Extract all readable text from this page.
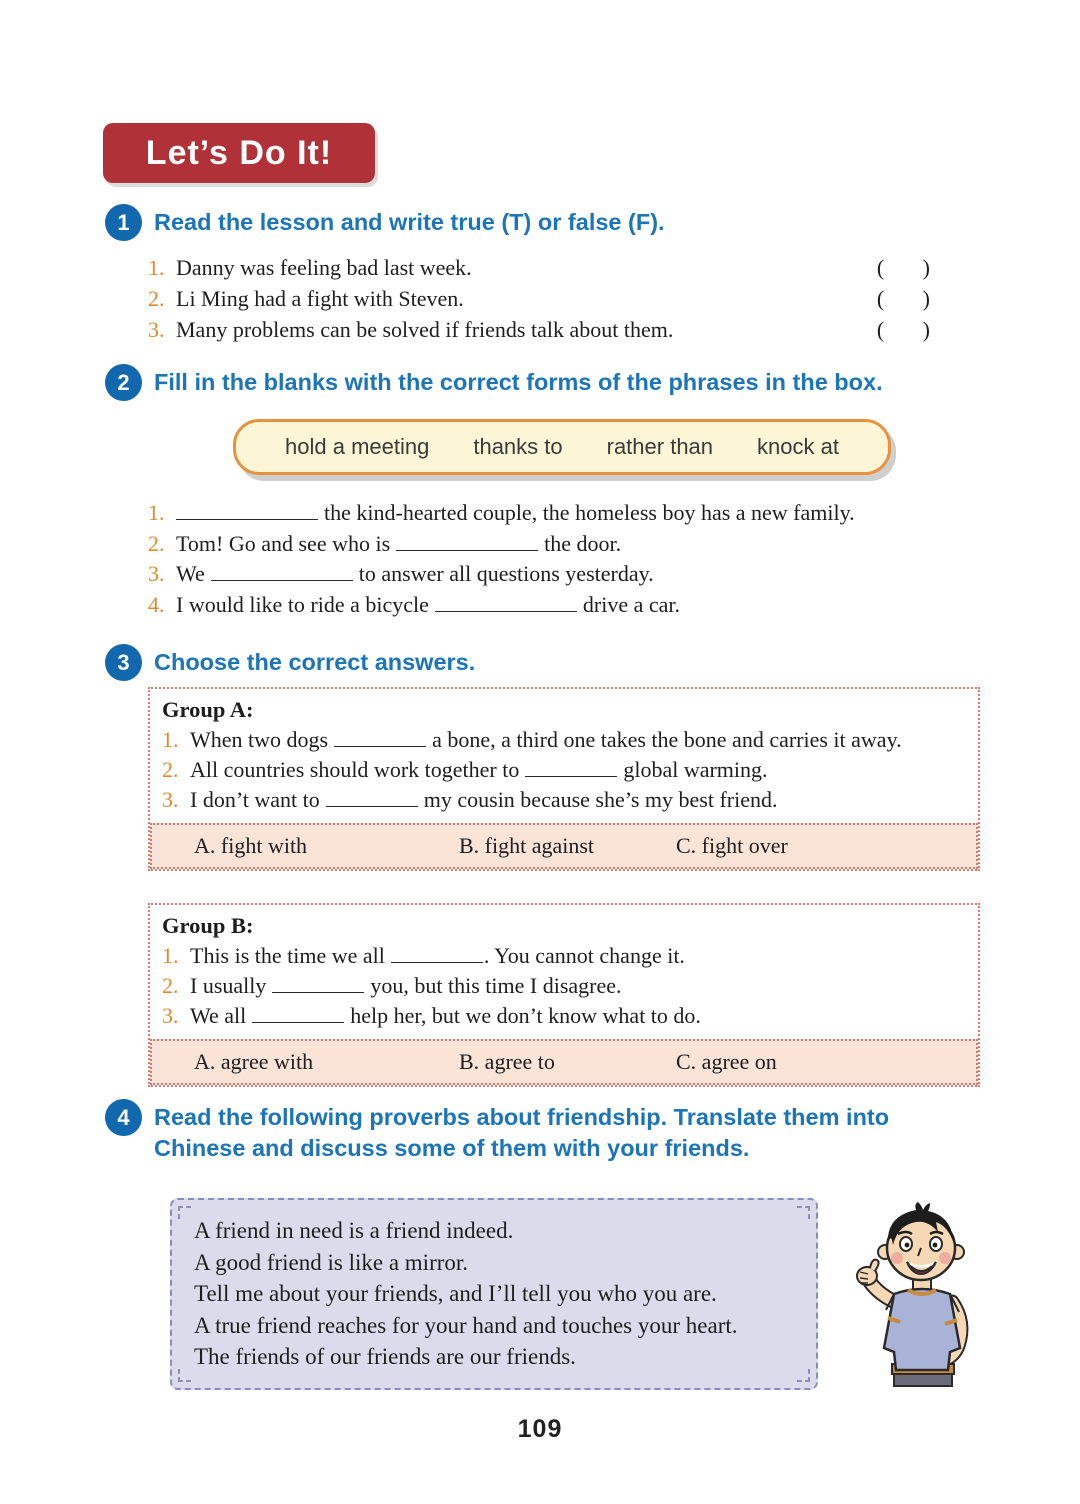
Let’s Do It!
1	Read the lesson and write true (T) or false (F).
1. Danny was feeling bad last week.	(       )
2. Li Ming had a fight with Steven.	(       )
3. Many problems can be solved if friends talk about them.	(       )
2	Fill in the blanks with the correct forms of the phrases in the box.
hold a meeting thanks to rather than knock at
1.	the kind-hearted couple, the homeless boy has a new family.
2. Tom! Go and see who is	the door.
3. We	to answer all questions yesterday.
4. I would like to ride a bicycle	drive a car.
3	Choose the correct answers.
Group A:
1. When two dogs	a bone, a third one takes the bone and carries it away.
2. All countries should work together to	global warming.
3. I don’t want to	my cousin because she’s my best friend.
A. fight with	B. fight against	C. fight over
Group B:
1. This is the time we all	. You cannot change it.
2. I usually	you, but this time I disagree.
3. We all	help her, but we don’t know what to do.
A. agree with	B. agree to	C. agree on
4	Read the following proverbs about friendship. Translate them into Chinese and discuss some of them with your friends.
A friend in need is a friend indeed.
A good friend is like a mirror.
Tell me about your friends, and I’ll tell you who you are.
A true friend reaches for your hand and touches your heart.
The friends of our friends are our friends.
109
